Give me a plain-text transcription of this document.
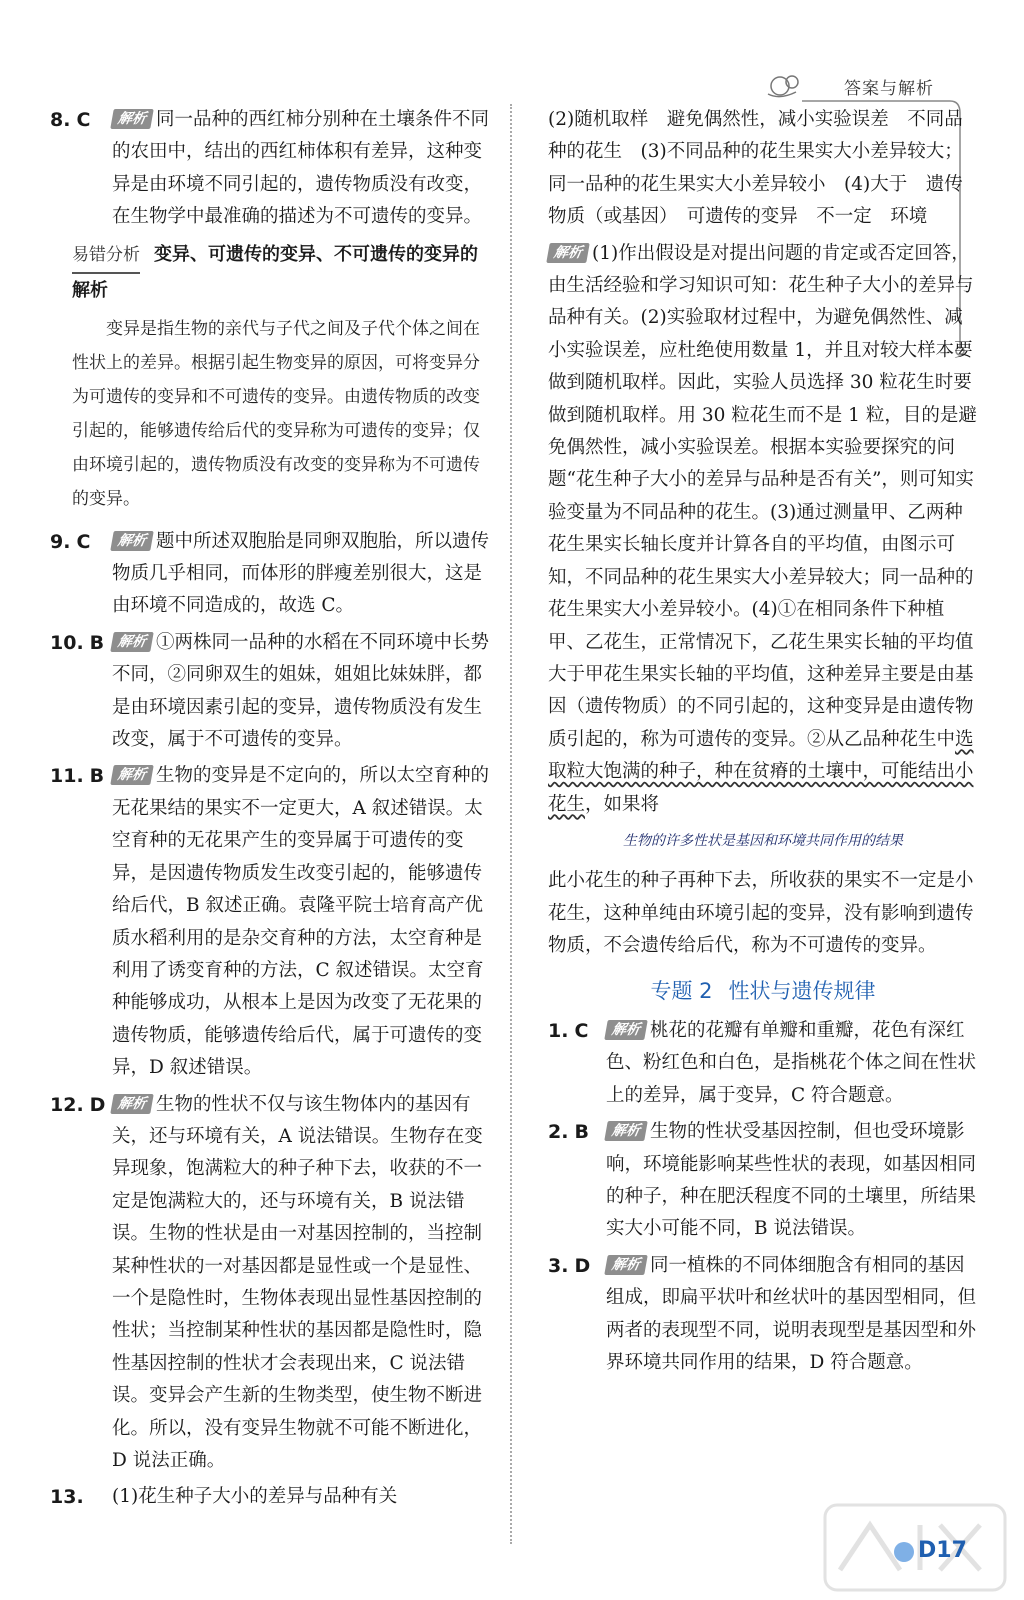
答案与解析
8. C 解析 同一品种的西红柿分别种在土壤条件不同的农田中，结出的西红柿体积有差异，这种变异是由环境不同引起的，遗传物质没有改变，在生物学中最准确的描述为不可遗传的变异。
易错分析 变异、可遗传的变异、不可遗传的变异的解析
变异是指生物的亲代与子代之间及子代个体之间在性状上的差异。根据引起生物变异的原因，可将变异分为可遗传的变异和不可遗传的变异。由遗传物质的改变引起的，能够遗传给后代的变异称为可遗传的变异；仅由环境引起的，遗传物质没有改变的变异称为不可遗传的变异。
9. C 解析 题中所述双胞胎是同卵双胞胎，所以遗传物质几乎相同，而体形的胖瘦差别很大，这是由环境不同造成的，故选 C。
10. B 解析 ①两株同一品种的水稻在不同环境中长势不同，②同卵双生的姐妹，姐姐比妹妹胖，都是由环境因素引起的变异，遗传物质没有发生改变，属于不可遗传的变异。
11. B 解析 生物的变异是不定向的，所以太空育种的无花果结的果实不一定更大，A 叙述错误。太空育种的无花果产生的变异属于可遗传的变异，是因遗传物质发生改变引起的，能够遗传给后代，B 叙述正确。袁隆平院士培育高产优质水稻利用的是杂交育种的方法，太空育种是利用了诱变育种的方法，C 叙述错误。太空育种能够成功，从根本上是因为改变了无花果的遗传物质，能够遗传给后代，属于可遗传的变异，D 叙述错误。
12. D 解析 生物的性状不仅与该生物体内的基因有关，还与环境有关，A 说法错误。生物存在变异现象，饱满粒大的种子种下去，收获的不一定是饱满粒大的，还与环境有关，B 说法错误。生物的性状是由一对基因控制的，当控制某种性状的一对基因都是显性或一个是显性、一个是隐性时，生物体表现出显性基因控制的性状；当控制某种性状的基因都是隐性时，隐性基因控制的性状才会表现出来，C 说法错误。变异会产生新的生物类型，使生物不断进化。所以，没有变异生物就不可能不断进化，D 说法正确。
13. (1)花生种子大小的差异与品种有关
(2)随机取样　避免偶然性，减小实验误差　不同品种的花生　(3)不同品种的花生果实大小差异较大；同一品种的花生果实大小差异较小　(4)大于　遗传物质（或基因）　可遗传的变异　不一定　环境
解析 (1)作出假设是对提出问题的肯定或否定回答，由生活经验和学习知识可知：花生种子大小的差异与品种有关。(2)实验取材过程中，为避免偶然性、减小实验误差，应杜绝使用数量 1，并且对较大样本要做到随机取样。因此，实验人员选择 30 粒花生时要做到随机取样。用 30 粒花生而不是 1 粒，目的是避免偶然性，减小实验误差。根据本实验要探究的问题“花生种子大小的差异与品种是否有关”，则可知实验变量为不同品种的花生。(3)通过测量甲、乙两种花生果实长轴长度并计算各自的平均值，由图示可知，不同品种的花生果实大小差异较大；同一品种的花生果实大小差异较小。(4)①在相同条件下种植甲、乙花生，正常情况下，乙花生果实长轴的平均值大于甲花生果实长轴的平均值，这种差异主要是由基因（遗传物质）的不同引起的，这种变异是由遗传物质引起的，称为可遗传的变异。②从乙品种花生中选取粒大饱满的种子，种在贫瘠的土壤中，可能结出小花生，如果将
生物的许多性状是基因和环境共同作用的结果
此小花生的种子再种下去，所收获的果实不一定是小花生，这种单纯由环境引起的变异，没有影响到遗传物质，不会遗传给后代，称为不可遗传的变异。
专题 2 性状与遗传规律
1. C 解析 桃花的花瓣有单瓣和重瓣，花色有深红色、粉红色和白色，是指桃花个体之间在性状上的差异，属于变异，C 符合题意。
2. B 解析 生物的性状受基因控制，但也受环境影响，环境能影响某些性状的表现，如基因相同的种子，种在肥沃程度不同的土壤里，所结果实大小可能不同，B 说法错误。
3. D 解析 同一植株的不同体细胞含有相同的基因组成，即扁平状叶和丝状叶的基因型相同，但两者的表现型不同，说明表现型是基因型和外界环境共同作用的结果，D 符合题意。
D17
